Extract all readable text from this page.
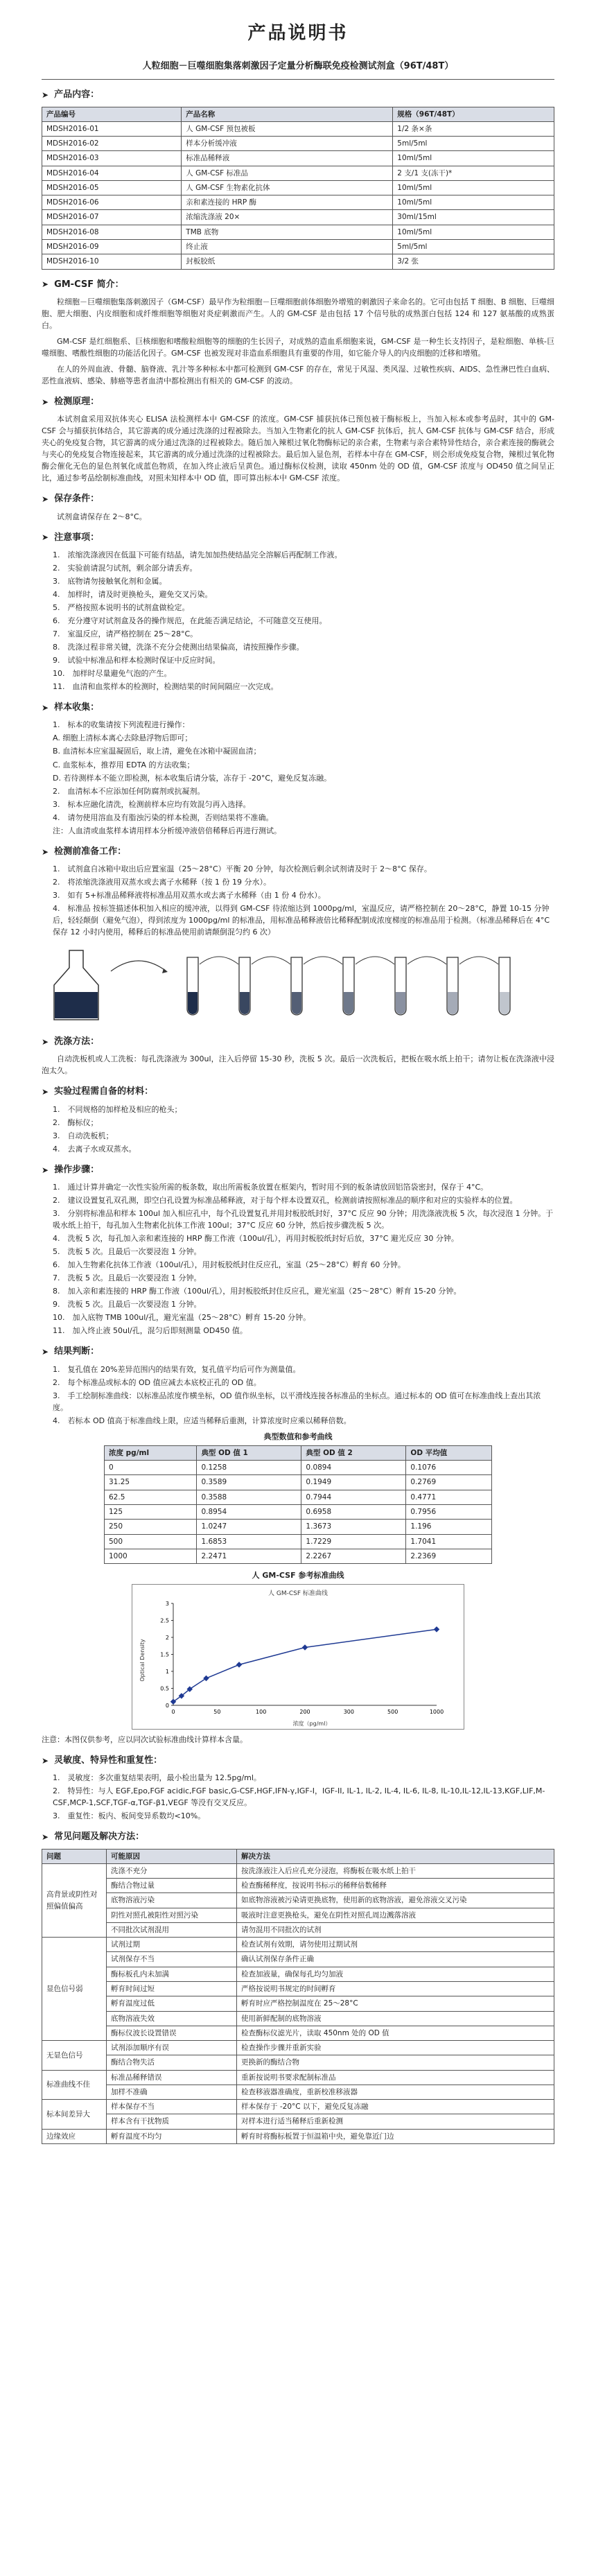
产品说明书
人粒细胞－巨噬细胞集落刺激因子定量分析酶联免疫检测试剂盒（96T/48T）
➤ 产品内容：
产品编号	产品名称	规格（96T/48T）
MDSH2016-01	人 GM-CSF 预包被板	1/2 条×条
MDSH2016-02	样本分析缓冲液	5ml/5ml
MDSH2016-03	标准品稀释液	10ml/5ml
MDSH2016-04	人 GM-CSF 标准品	2 支/1 支(冻干)*
MDSH2016-05	人 GM-CSF 生物素化抗体	10ml/5ml
MDSH2016-06	亲和素连接的 HRP 酶	10ml/5ml
MDSH2016-07	浓缩洗涤液 20×	30ml/15ml
MDSH2016-08	TMB 底物	10ml/5ml
MDSH2016-09	终止液	5ml/5ml
MDSH2016-10	封板胶纸	3/2 张
➤ GM-CSF 简介：

粒细胞－巨噬细胞集落刺激因子（GM-CSF）最早作为粒细胞－巨噬细胞前体细胞外增殖的刺激因子来命名的。它可由包括 T 细胞、B 细胞、巨噬细胞、肥大细胞、内皮细胞和成纤维细胞等细胞对炎症刺激而产生。人的 GM-CSF 是由包括 17 个信号肽的成熟蛋白包括 124 和 127 氨基酸的成熟蛋白。

GM-CSF 是红细胞系、巨核细胞和嗜酸粒细胞等的细胞的生长因子，对成熟的造血系细胞来说，GM-CSF 是一种生长支持因子，是粒细胞、单核-巨噬细胞、嗜酸性细胞的功能活化因子。GM-CSF 也被发现对非造血系细胞具有重要的作用，如它能介导人的内皮细胞的迁移和增殖。

在人的外周血液、骨髓、脑脊液、乳汁等多种标本中都可检测到 GM-CSF 的存在，常见于风湿、类风湿、过敏性疾病、AIDS、急性淋巴性白血病、恶性血液病、感染、肺癌等患者血清中都检测出有相关的 GM-CSF 的波动。

➤ 检测原理：

本试剂盒采用双抗体夹心 ELISA 法检测样本中 GM-CSF 的浓度。GM-CSF 捕获抗体已预包被于酶标板上，当加入标本或参考品时，其中的 GM-CSF 会与捕获抗体结合，其它游离的成分通过洗涤的过程被除去。当加入生物素化的抗人 GM-CSF 抗体后，抗人 GM-CSF 抗体与 GM-CSF 结合，形成夹心的免疫复合物，其它游离的成分通过洗涤的过程被除去。随后加入辣根过氧化物酶标记的亲合素，生物素与亲合素特异性结合，亲合素连接的酶就会与夹心的免疫复合物连接起来，其它游离的成分通过洗涤的过程被除去。最后加入显色剂，若样本中存在 GM-CSF，则会形成免疫复合物，辣根过氧化物酶会催化无色的显色剂氧化成蓝色物质，在加入终止液后呈黄色。通过酶标仪检测，读取 450nm 处的 OD 值，GM-CSF 浓度与 OD450 值之间呈正比，通过参考品绘制标准曲线，对照未知样本中 OD 值，即可算出标本中 GM-CSF 浓度。

➤ 保存条件：

试剂盒请保存在 2～8°C。

➤ 注意事项：
1.　浓缩洗涤液因在低温下可能有结晶，请先加加热使结晶完全溶解后再配制工作液。
2.　实验前请混匀试剂，剩余部分请丢弃。
3.　底物请勿接触氧化剂和金属。
4.　加样时，请及时更换枪头，避免交叉污染。
5.　严格按照本说明书的试剂盒做检定。
6.　充分遵守对试剂盒及各的操作规范，在此能否满足结论，不可随意交互使用。
7.　室温反应，请严格控制在 25～28°C。
8.　洗涤过程非常关键，洗涤不充分会使测出结果偏高，请按照操作步骤。
9.　试验中标准品和样本检测时保证中反应时间。
10.　加样时尽量避免气泡的产生。
11.　血清和血浆样本的检测时，检测结果的时间间隔应一次完成。
➤ 样本收集：
1.　标本的收集请按下列流程进行操作：
A. 细胞上清标本离心去除悬浮物后即可；
B. 血清标本应室温凝固后，取上清，避免在冰箱中凝固血清；
C. 血浆标本，推荐用 EDTA 的方法收集；
D. 若待测样本不能立即检测，标本收集后请分装，冻存于 -20°C，避免反复冻融。
2.　血清标本不应添加任何防腐剂或抗凝剂。
3.　标本应融化清洗，检测前样本应均有效混匀再入选择。
4.　请勿使用溶血及有脂浊污染的样本检测，否则结果将不准确。
注：人血清或血浆样本请用样本分析缓冲液倍倍稀释后再进行测试。
➤ 检测前准备工作：
1.　试剂盒自冰箱中取出后应置室温（25～28°C）平衡 20 分钟，每次检测后剩余试剂请及时于 2～8°C 保存。
2.　将浓缩洗涤液用双蒸水或去离子水稀释（按 1 份 19 分水）。
3.　如有 5+标准品稀释液将标准品用双蒸水或去离子水稀释（由 1 份 4 份水）。
4.　标准品 按标签描述体积加入相应的缓冲液，以得到 GM-CSF 待浓缩达到 1000pg/ml，室温反应，请严格控制在 20～28°C，静置 10-15 分钟后，轻轻颠倒（避免气泡），得到浓度为 1000pg/ml 的标准品，用标准品稀释液倍比稀释配制成浓度梯度的标准品用于检测。（标准品稀释后在 4°C 保存 12 小时内使用，稀释后的标准品使用前请颠倒混匀约 6 次）
➤ 洗涤方法：

自动洗板机或人工洗板：每孔洗涤液为 300ul，注入后停留 15-30 秒，洗板 5 次。最后一次洗板后，把板在吸水纸上拍干；请勿让板在洗涤液中浸泡太久。

➤ 实验过程需自备的材料：
1.　不同规格的加样枪及相应的枪头；
2.　酶标仪；
3.　自动洗板机；
4.　去离子水或双蒸水。
➤ 操作步骤：
1.　通过计算并确定一次性实验所需的板条数，取出所需板条放置在框架内，暂时用不到的板条请放回铝箔袋密封，保存于 4°C。
2.　建议设置复孔双孔测，即空白孔设置为标准品稀释液，对于每个样本设置双孔，检测前请按照标准品的顺序和对应的实验样本的位置。
3.　分别将标准品和样本 100ul 加入相应孔中，每个孔设置复孔并用封板胶纸封好，37°C 反应 90 分钟；用洗涤液洗板 5 次，每次浸泡 1 分钟。于吸水纸上拍干，每孔加入生物素化抗体工作液 100ul；37°C 反应 60 分钟，然后按步骤洗板 5 次。
4.　洗板 5 次，每孔加入亲和素连接的 HRP 酶工作液（100ul/孔），再用封板胶纸封好后放，37°C 避光反应 30 分钟。
5.　洗板 5 次。且最后一次要浸泡 1 分钟。
6.　加入生物素化抗体工作液（100ul/孔），用封板胶纸封住反应孔，室温（25～28°C）孵育 60 分钟。
7.　洗板 5 次。且最后一次要浸泡 1 分钟。
8.　加入亲和素连接的 HRP 酶工作液（100ul/孔），用封板胶纸封住反应孔，避光室温（25～28°C）孵育 15-20 分钟。
9.　洗板 5 次。且最后一次要浸泡 1 分钟。
10.　加入底物 TMB 100ul/孔，避光室温（25～28°C）孵育 15-20 分钟。
11.　加入终止液 50ul/孔，混匀后即刻测量 OD450 值。
➤ 结果判断：
1.　复孔值在 20%差异范围内的结果有效，复孔值平均后可作为测量值。
2.　每个标准品或标本的 OD 值应减去本底校正孔的 OD 值。
3.　手工绘制标准曲线：以标准品浓度作横坐标，OD 值作纵坐标，以平滑线连接各标准品的坐标点。通过标本的 OD 值可在标准曲线上查出其浓度。
4.　若标本 OD 值高于标准曲线上限，应适当稀释后重测，计算浓度时应乘以稀释倍数。
典型数值和参考曲线
浓度 pg/ml	典型 OD 值 1	典型 OD 值 2	OD 平均值
0	0.1258	0.0894	0.1076
31.25	0.3589	0.1949	0.2769
62.5	0.3588	0.7944	0.4771
125	0.8954	0.6958	0.7956
250	1.0247	1.3673	1.196
500	1.6853	1.7229	1.7041
1000	2.2471	2.2267	2.2369
人 GM-CSF 参考标准曲线
人 GM-CSF 标准曲线
Optical Density
浓度（pg/ml）
0
0.5
1
1.5
2
2.5
3
0	50	100	200	300	500	1000

注意：本图仅供参考，应以同次试验标准曲线计算样本含量。

➤ 灵敏度、特异性和重复性：
1.　灵敏度：多次重复结果表明，最小检出量为 12.5pg/ml。
2.　特异性：与人 EGF,Epo,FGF acidic,FGF basic,G-CSF,HGF,IFN-γ,IGF-I，IGF-II, IL-1, IL-2, IL-4, IL-6, IL-8, IL-10,IL-12,IL-13,KGF,LIF,M-CSF,MCP-1,SCF,TGF-α,TGF-β1,VEGF 等没有交叉反应。
3.　重复性：板内、板间变异系数均<10%。
➤ 常见问题及解决方法：
问题	可能原因	解决方法
高背景或阴性对照偏值偏高	洗涤不充分	按洗涤液注入后应孔充分浸泡，将酶板在吸水纸上拍干
	酶结合物过量	检查酶稀释度，按说明书标示的稀释倍数稀释
	底物溶液污染	如底物溶液被污染请更换底物，使用新的底物溶液，避免溶液交叉污染
	阴性对照孔被阳性对照污染	吸液时注意更换枪头，避免在阴性对照孔周边溅落溶液
	不同批次试剂混用	请勿混用不同批次的试剂
显色信号弱	试剂过期	检查试剂有效期，请勿使用过期试剂
	试剂保存不当	确认试剂保存条件正确
	酶标板孔内未加满	检查加液量，确保每孔均匀加液
	孵育时间过短	严格按说明书规定的时间孵育
	孵育温度过低	孵育时应严格控制温度在 25～28°C
	底物溶液失效	使用新鲜配制的底物溶液
	酶标仪波长设置错误	检查酶标仪滤光片，读取 450nm 处的 OD 值
无显色信号	试剂添加顺序有误	检查操作步骤并重新实验
	酶结合物失活	更换新的酶结合物
标准曲线不佳	标准品稀释错误	重新按说明书要求配制标准品
	加样不准确	检查移液器准确度，重新校准移液器
标本间差异大	样本保存不当	样本保存于 -20°C 以下，避免反复冻融
	样本含有干扰物质	对样本进行适当稀释后重新检测
边缘效应	孵育温度不均匀	孵育时将酶标板置于恒温箱中央，避免靠近门边
